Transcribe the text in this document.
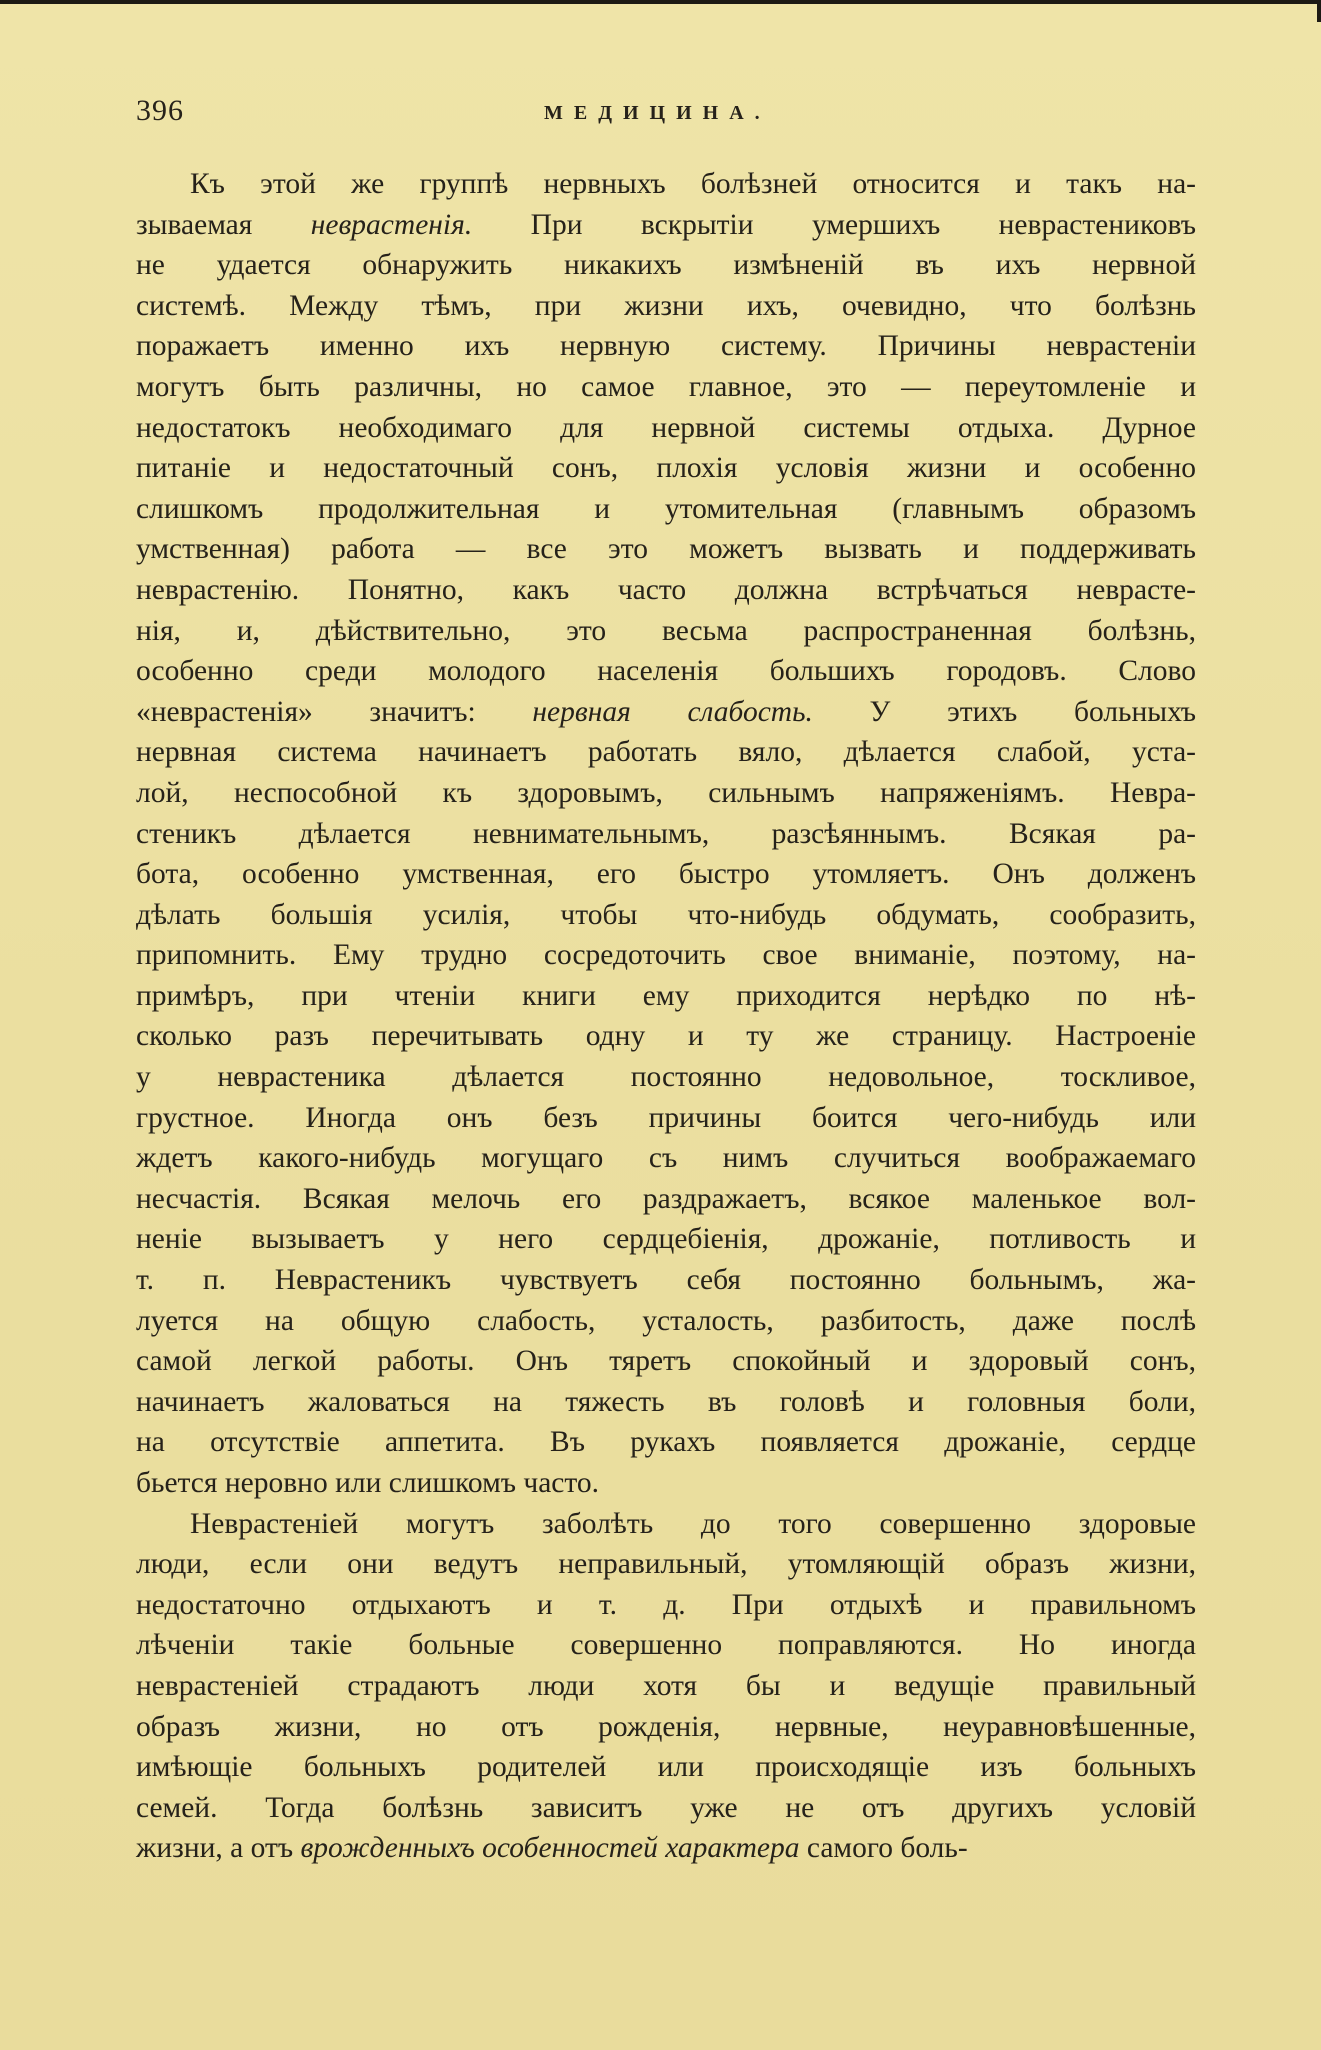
396	МЕДИЦИНА.
Къ этой же группѣ нервныхъ болѣзней относится и такъ на-
зываемая неврастенія. При вскрытіи умершихъ неврастениковъ
не удается обнаружить никакихъ измѣненій въ ихъ нервной
системѣ. Между тѣмъ, при жизни ихъ, очевидно, что болѣзнь
поражаетъ именно ихъ нервную систему. Причины неврастеніи
могутъ быть различны, но самое главное, это — переутомленіе и
недостатокъ необходимаго для нервной системы отдыха. Дурное
питаніе и недостаточный сонъ, плохія условія жизни и особенно
слишкомъ продолжительная и утомительная (главнымъ образомъ
умственная) работа — все это можетъ вызвать и поддерживать
неврастенію. Понятно, какъ часто должна встрѣчаться неврасте-
нія, и, дѣйствительно, это весьма распространенная болѣзнь,
особенно среди молодого населенія большихъ городовъ. Слово
«неврастенія» значитъ: нервная слабость. У этихъ больныхъ
нервная система начинаетъ работать вяло, дѣлается слабой, уста-
лой, неспособной къ здоровымъ, сильнымъ напряженіямъ. Невра-
стеникъ дѣлается невнимательнымъ, разсѣяннымъ. Всякая ра-
бота, особенно умственная, его быстро утомляетъ. Онъ долженъ
дѣлать большія усилія, чтобы что-нибудь обдумать, сообразить,
припомнить. Ему трудно сосредоточить свое вниманіе, поэтому, на-
примѣръ, при чтеніи книги ему приходится нерѣдко по нѣ-
сколько разъ перечитывать одну и ту же страницу. Настроеніе
у неврастеника дѣлается постоянно недовольное, тоскливое,
грустное. Иногда онъ безъ причины боится чего-нибудь или
ждетъ какого-нибудь могущаго съ нимъ случиться воображаемаго
несчастія. Всякая мелочь его раздражаетъ, всякое маленькое вол-
неніе вызываетъ у него сердцебіенія, дрожаніе, потливость и
т. п. Неврастеникъ чувствуетъ себя постоянно больнымъ, жа-
луется на общую слабость, усталость, разбитость, даже послѣ
самой легкой работы. Онъ тяретъ спокойный и здоровый сонъ,
начинаетъ жаловаться на тяжесть въ головѣ и головныя боли,
на отсутствіе аппетита. Въ рукахъ появляется дрожаніе, сердце
бьется неровно или слишкомъ часто.
Неврастеніей могутъ заболѣть до того совершенно здоровые
люди, если они ведутъ неправильный, утомляющій образъ жизни,
недостаточно отдыхаютъ и т. д. При отдыхѣ и правильномъ
лѣченіи такіе больные совершенно поправляются. Но иногда
неврастеніей страдаютъ люди хотя бы и ведущіе правильный
образъ жизни, но отъ рожденія, нервные, неуравновѣшенные,
имѣющіе больныхъ родителей или происходящіе изъ больныхъ
семей. Тогда болѣзнь зависитъ уже не отъ другихъ условій
жизни, а отъ врожденныхъ особенностей характера самого боль-
